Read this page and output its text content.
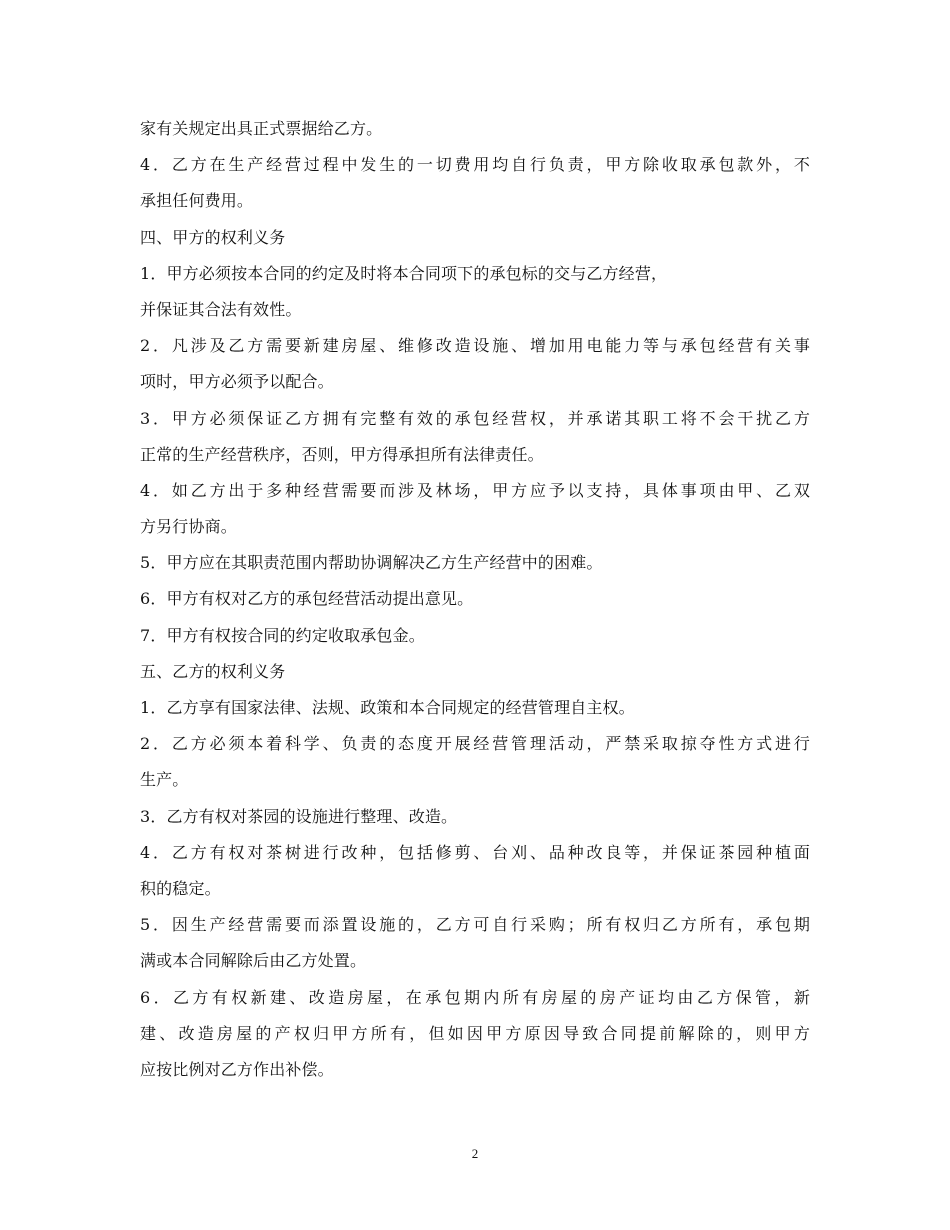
家有关规定出具正式票据给乙方。
4．乙方在生产经营过程中发生的一切费用均自行负责，甲方除收取承包款外，不
承担任何费用。
四、甲方的权利义务
1．甲方必须按本合同的约定及时将本合同项下的承包标的交与乙方经营，
并保证其合法有效性。
2．凡涉及乙方需要新建房屋、维修改造设施、增加用电能力等与承包经营有关事
项时，甲方必须予以配合。
3．甲方必须保证乙方拥有完整有效的承包经营权，并承诺其职工将不会干扰乙方
正常的生产经营秩序，否则，甲方得承担所有法律责任。
4．如乙方出于多种经营需要而涉及林场，甲方应予以支持，具体事项由甲、乙双
方另行协商。
5．甲方应在其职责范围内帮助协调解决乙方生产经营中的困难。
6．甲方有权对乙方的承包经营活动提出意见。
7．甲方有权按合同的约定收取承包金。
五、乙方的权利义务
1．乙方享有国家法律、法规、政策和本合同规定的经营管理自主权。
2．乙方必须本着科学、负责的态度开展经营管理活动，严禁采取掠夺性方式进行
生产。
3．乙方有权对茶园的设施进行整理、改造。
4．乙方有权对茶树进行改种，包括修剪、台刈、品种改良等，并保证茶园种植面
积的稳定。
5．因生产经营需要而添置设施的，乙方可自行采购；所有权归乙方所有，承包期
满或本合同解除后由乙方处置。
6．乙方有权新建、改造房屋，在承包期内所有房屋的房产证均由乙方保管，新
建、改造房屋的产权归甲方所有，但如因甲方原因导致合同提前解除的，则甲方
应按比例对乙方作出补偿。
2
